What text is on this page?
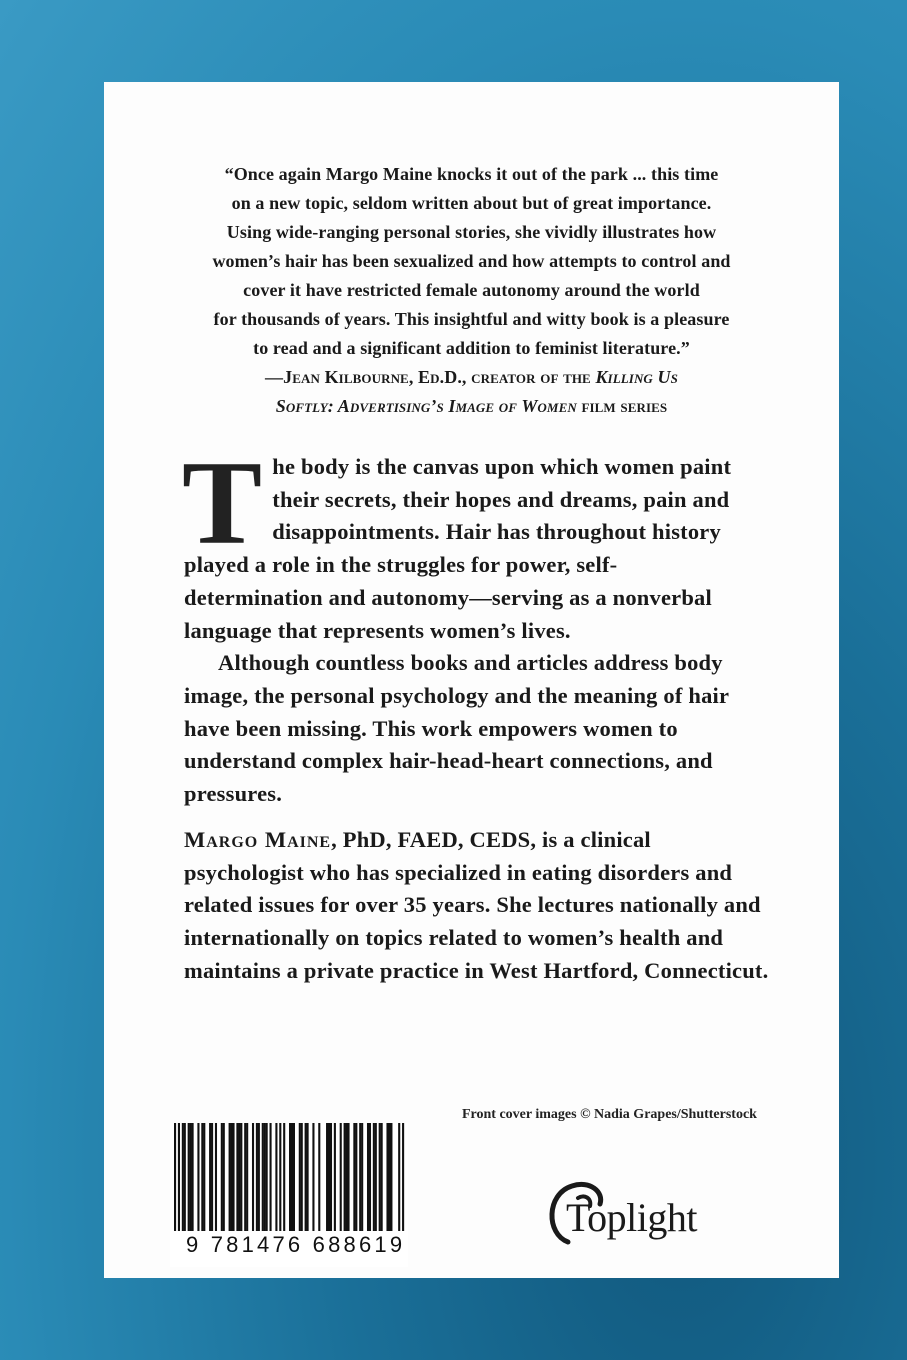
“Once again Margo Maine knocks it out of the park ... this time
on a new topic, seldom written about but of great importance.
Using wide-ranging personal stories, she vividly illustrates how
women’s hair has been sexualized and how attempts to control and
cover it have restricted female autonomy around the world
for thousands of years. This insightful and witty book is a pleasure
to read and a significant addition to feminist literature.”
—Jean Kilbourne, Ed.D., creator of the Killing Us
Softly: Advertising’s Image of Women film series

The body is the canvas upon which women paint their secrets, their hopes and dreams, pain and disappointments. Hair has throughout history played a role in the struggles for power, self-determination and autonomy—serving as a nonverbal language that represents women’s lives.

Although countless books and articles address body image, the personal psychology and the meaning of hair have been missing. This work empowers women to understand complex hair-head-heart connections, and pressures.

Margo Maine, PhD, FAED, CEDS, is a clinical psychologist who has specialized in eating disorders and related issues for over 35 years. She lectures nationally and internationally on topics related to women’s health and maintains a private practice in West Hartford, Connecticut.
9 781476 688619
Front cover images © Nadia Grapes/Shutterstock
Toplight
